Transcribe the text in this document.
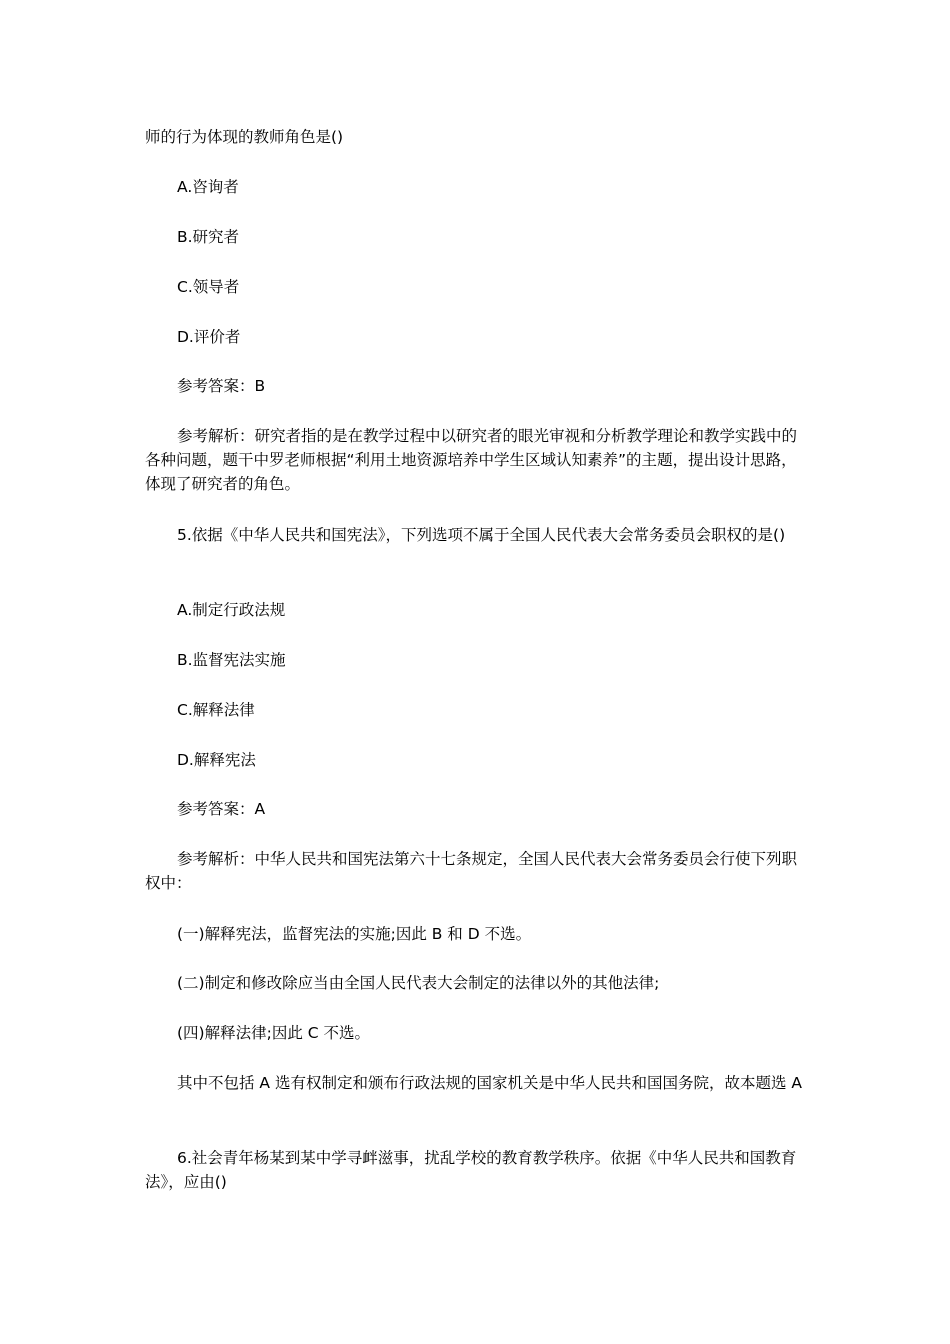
师的行为体现的教师角色是()

A.咨询者

B.研究者

C.领导者

D.评价者

参考答案：B

参考解析：研究者指的是在教学过程中以研究者的眼光审视和分析教学理论和教学实践中的各种问题，题干中罗老师根据“利用土地资源培养中学生区域认知素养”的主题，提出设计思路，体现了研究者的角色。

5.依据《中华人民共和国宪法》，下列选项不属于全国人民代表大会常务委员会职权的是()

A.制定行政法规

B.监督宪法实施

C.解释法律

D.解释宪法

参考答案：A

参考解析：中华人民共和国宪法第六十七条规定，全国人民代表大会常务委员会行使下列职权中：

(一)解释宪法，监督宪法的实施;因此 B 和 D 不选。

(二)制定和修改除应当由全国人民代表大会制定的法律以外的其他法律;

(四)解释法律;因此 C 不选。

其中不包括 A 选有权制定和颁布行政法规的国家机关是中华人民共和国国务院，故本题选 A

6.社会青年杨某到某中学寻衅滋事，扰乱学校的教育教学秩序。依据《中华人民共和国教育法》，应由()
